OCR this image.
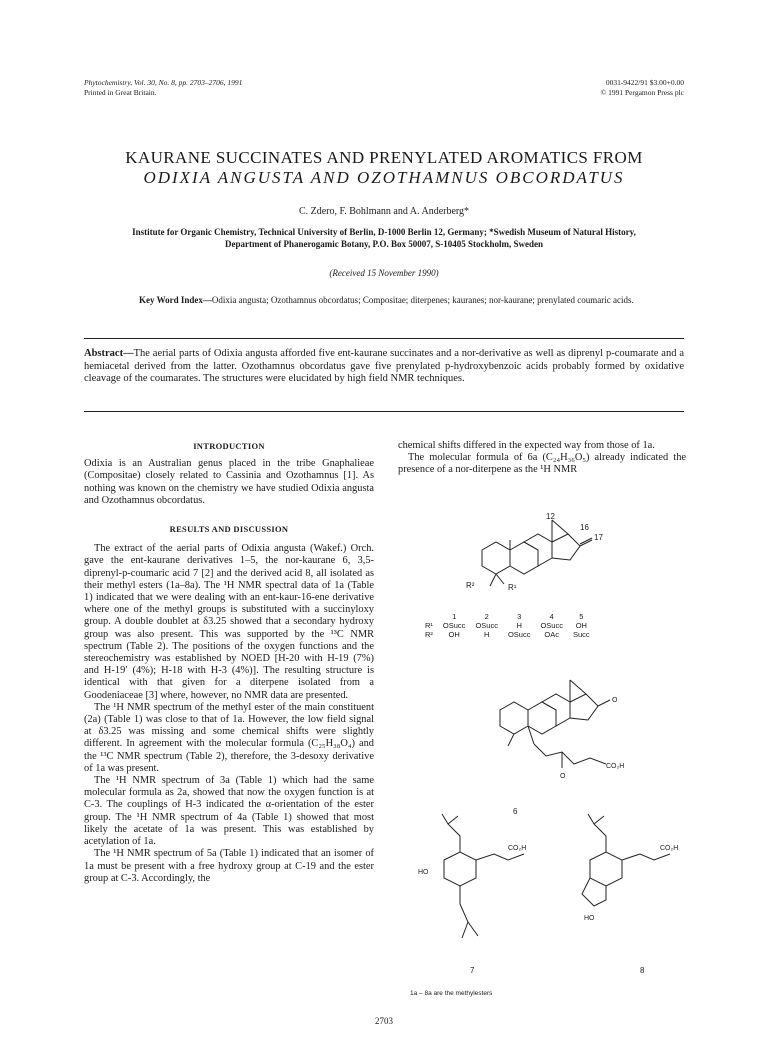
Phytochemistry, Vol. 30, No. 8, pp. 2703–2706, 1991
Printed in Great Britain.
0031-9422/91 $3.00+0.00
© 1991 Pergamon Press plc
KAURANE SUCCINATES AND PRENYLATED AROMATICS FROM
ODIXIA ANGUSTA AND OZOTHAMNUS OBCORDATUS
C. Zdero, F. Bohlmann and A. Anderberg*
Institute for Organic Chemistry, Technical University of Berlin, D-1000 Berlin 12, Germany; *Swedish Museum of Natural History,
Department of Phanerogamic Botany, P.O. Box 50007, S-10405 Stockholm, Sweden
(Received 15 November 1990)
Key Word Index—Odixia angusta; Ozothamnus obcordatus; Compositae; diterpenes; kauranes; nor-kaurane; prenylated coumaric acids.
Abstract—The aerial parts of Odixia angusta afforded five ent-kaurane succinates and a nor-derivative as well as diprenyl p-coumarate and a hemiacetal derived from the latter. Ozothamnus obcordatus gave five prenylated p-hydroxybenzoic acids probably formed by oxidative cleavage of the coumarates. The structures were elucidated by high field NMR techniques.
INTRODUCTION

Odixia is an Australian genus placed in the tribe Gnaphalieae (Compositae) closely related to Cassinia and Ozothamnus [1]. As nothing was known on the chemistry we have studied Odixia angusta and Ozothamnus obcordatus.

RESULTS AND DISCUSSION

The extract of the aerial parts of Odixia angusta (Wakef.) Orch. gave the ent-kaurane derivatives 1–5, the nor-kaurane 6, 3,5-diprenyl-p-coumaric acid 7 [2] and the derived acid 8, all isolated as their methyl esters (1a–8a). The ¹H NMR spectral data of 1a (Table 1) indicated that we were dealing with an ent-kaur-16-ene derivative where one of the methyl groups is substituted with a succinyloxy group. A double doublet at δ3.25 showed that a secondary hydroxy group was also present. This was supported by the ¹³C NMR spectrum (Table 2). The positions of the oxygen functions and the stereochemistry was established by NOED [H-20 with H-19 (7%) and H-19′ (4%); H-18 with H-3 (4%)]. The resulting structure is identical with that given for a diterpene isolated from a Goodeniaceae [3] where, however, no NMR data are presented.

The ¹H NMR spectrum of the methyl ester of the main constituent (2a) (Table 1) was close to that of 1a. However, the low field signal at δ3.25 was missing and some chemical shifts were slightly different. In agreement with the molecular formula (C₂₅H₃₈O₄) and the ¹³C NMR spectrum (Table 2), therefore, the 3-desoxy derivative of 1a was present.

The ¹H NMR spectrum of 3a (Table 1) which had the same molecular formula as 2a, showed that now the oxygen function is at C-3. The couplings of H-3 indicated the α-orientation of the ester group. The ¹H NMR spectrum of 4a (Table 1) showed that most likely the acetate of 1a was present. This was established by acetylation of 1a.

The ¹H NMR spectrum of 5a (Table 1) indicated that an isomer of 1a must be present with a free hydroxy group at C-19 and the ester group at C-3. Accordingly, the

chemical shifts differed in the expected way from those of 1a.

The molecular formula of 6a (C₂₄H₃₆O₅) already indicated the presence of a nor-diterpene as the ¹H NMR

12
16
17
R²	R¹
	1	2	3	4	5
R¹	OSucc	OSucc	H	OSucc	OH
R²	OH	H	OSucc	OAc	Succ
O
CO₂H
O
6
CO₂H
HO
7
CO₂H
HO
8
1a – 8a are the methylesters
2703
